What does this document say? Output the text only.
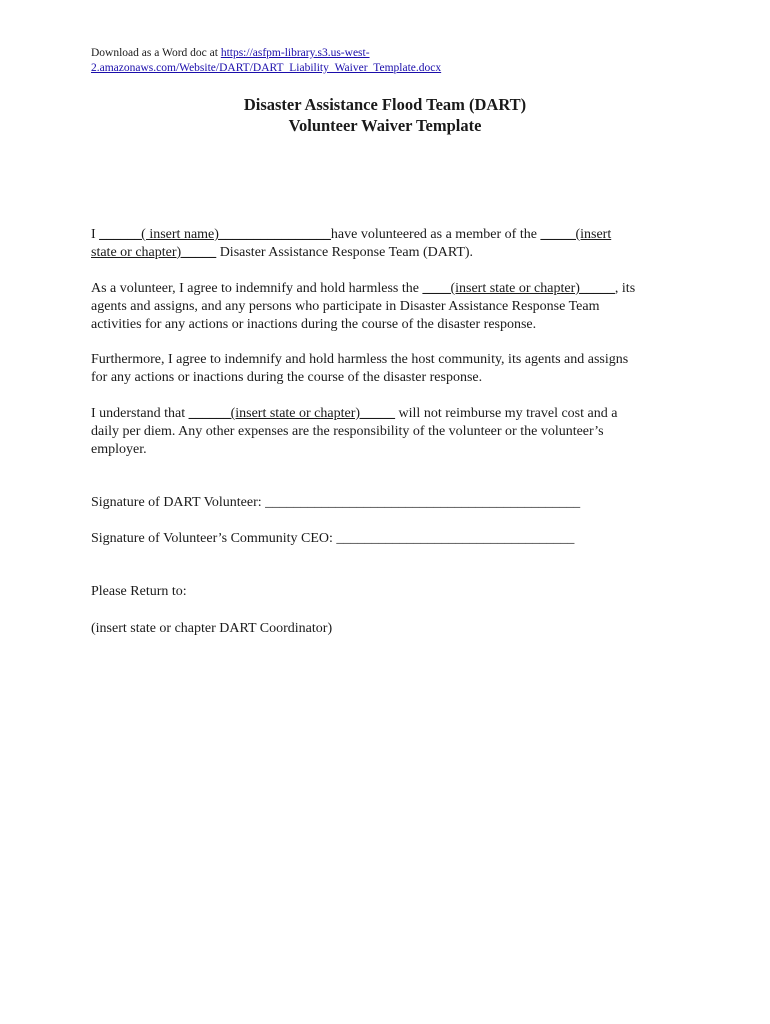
Download as a Word doc at https://asfpm-library.s3.us-west-
2.amazonaws.com/Website/DART/DART_Liability_Waiver_Template.docx
Disaster Assistance Flood Team (DART)
Volunteer Waiver Template
I ______( insert name)________________have volunteered as a member of the _____(insert
state or chapter)_____ Disaster Assistance Response Team (DART).
As a volunteer, I agree to indemnify and hold harmless the ____(insert state or chapter)_____, its
agents and assigns, and any persons who participate in Disaster Assistance Response Team
activities for any actions or inactions during the course of the disaster response.
Furthermore, I agree to indemnify and hold harmless the host community, its agents and assigns
for any actions or inactions during the course of the disaster response.
I understand that ______(insert state or chapter)_____ will not reimburse my travel cost and a
daily per diem. Any other expenses are the responsibility of the volunteer or the volunteer’s
employer.
Signature of DART Volunteer: _____________________________________________
Signature of Volunteer’s Community CEO: __________________________________
Please Return to:
(insert state or chapter DART Coordinator)
